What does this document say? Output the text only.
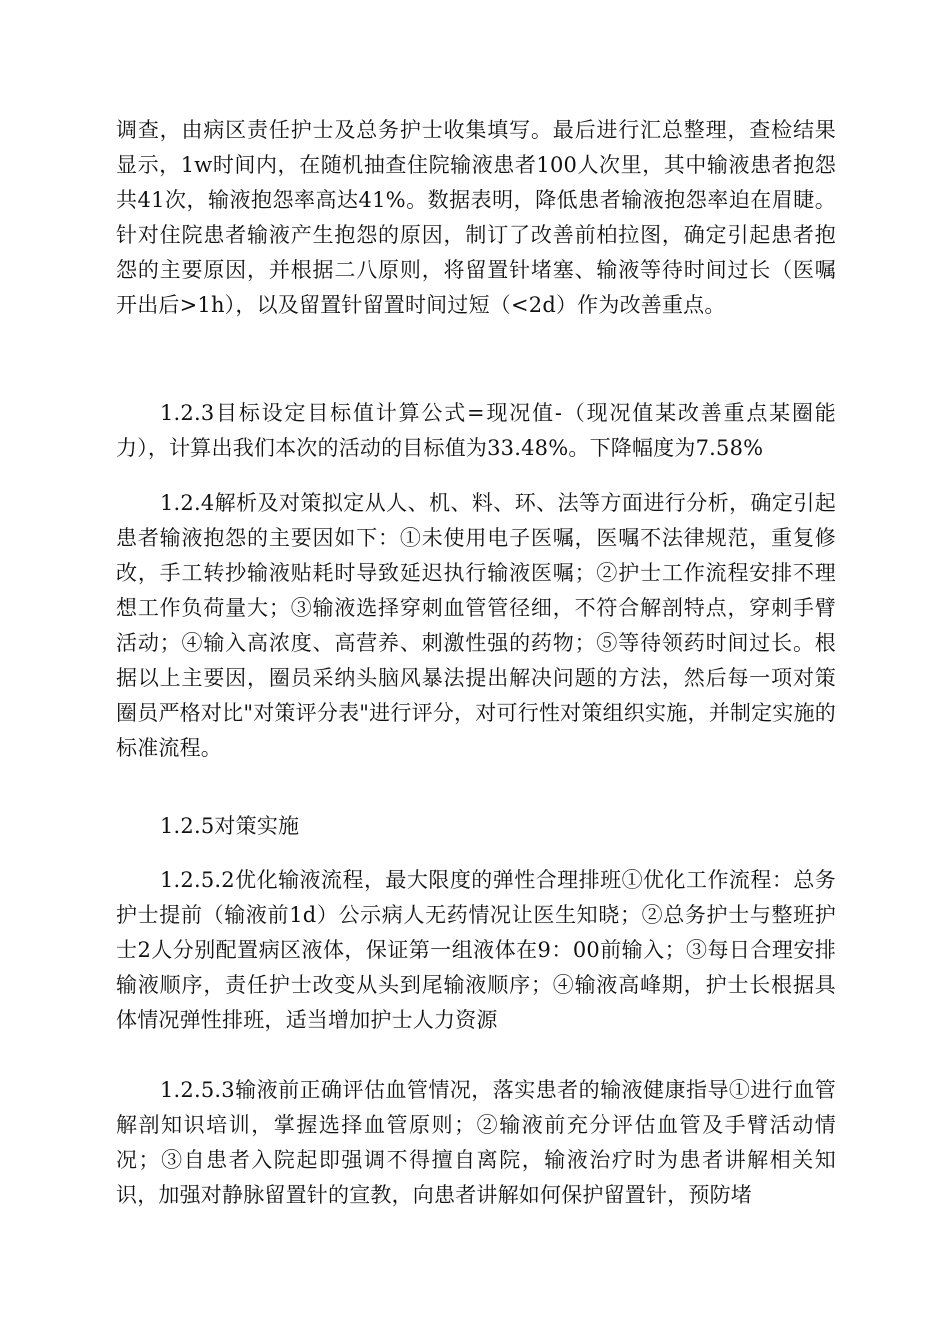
调查，由病区责任护士及总务护士收集填写。最后进行汇总整理，查检结果显示，1w时间内，在随机抽查住院输液患者100人次里，其中输液患者抱怨共41次，输液抱怨率高达41%。数据表明，降低患者输液抱怨率迫在眉睫。针对住院患者输液产生抱怨的原因，制订了改善前柏拉图，确定引起患者抱怨的主要原因，并根据二八原则，将留置针堵塞、输液等待时间过长（医嘱开出后>1h），以及留置针留置时间过短（<2d）作为改善重点。

1.2.3目标设定目标值计算公式=现况值-（现况值某改善重点某圈能力），计算出我们本次的活动的目标值为33.48%。下降幅度为7.58%

1.2.4解析及对策拟定从人、机、料、环、法等方面进行分析，确定引起患者输液抱怨的主要因如下：①未使用电子医嘱，医嘱不法律规范，重复修改，手工转抄输液贴耗时导致延迟执行输液医嘱；②护士工作流程安排不理想工作负荷量大；③输液选择穿刺血管管径细，不符合解剖特点，穿刺手臂活动；④输入高浓度、高营养、刺激性强的药物；⑤等待领药时间过长。根据以上主要因，圈员采纳头脑风暴法提出解决问题的方法，然后每一项对策圈员严格对比"对策评分表"进行评分，对可行性对策组织实施，并制定实施的标准流程。

1.2.5对策实施

1.2.5.2优化输液流程，最大限度的弹性合理排班①优化工作流程：总务护士提前（输液前1d）公示病人无药情况让医生知晓；②总务护士与整班护士2人分别配置病区液体，保证第一组液体在9：00前输入；③每日合理安排输液顺序，责任护士改变从头到尾输液顺序；④输液高峰期，护士长根据具体情况弹性排班，适当增加护士人力资源

1.2.5.3输液前正确评估血管情况，落实患者的输液健康指导①进行血管解剖知识培训，掌握选择血管原则；②输液前充分评估血管及手臂活动情况；③自患者入院起即强调不得擅自离院，输液治疗时为患者讲解相关知识，加强对静脉留置针的宣教，向患者讲解如何保护留置针，预防堵
